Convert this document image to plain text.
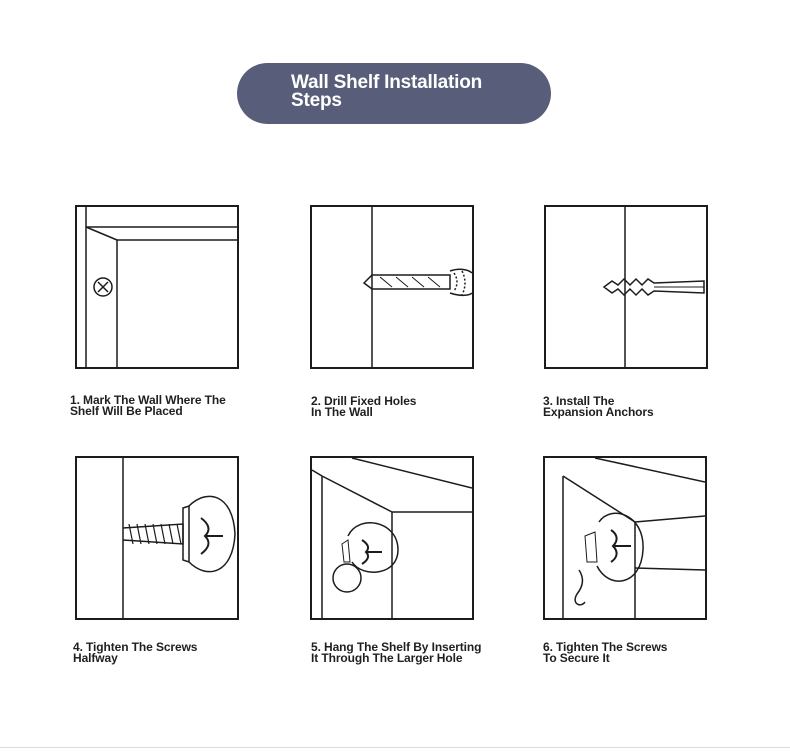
Wall Shelf Installation
Steps
1. Mark The Wall Where The
Shelf Will Be Placed
2. Drill Fixed Holes
In The Wall
3. Install The
Expansion Anchors
4. Tighten The Screws
Halfway
5. Hang The Shelf By Inserting
It Through The Larger Hole
6. Tighten The Screws
To Secure It
